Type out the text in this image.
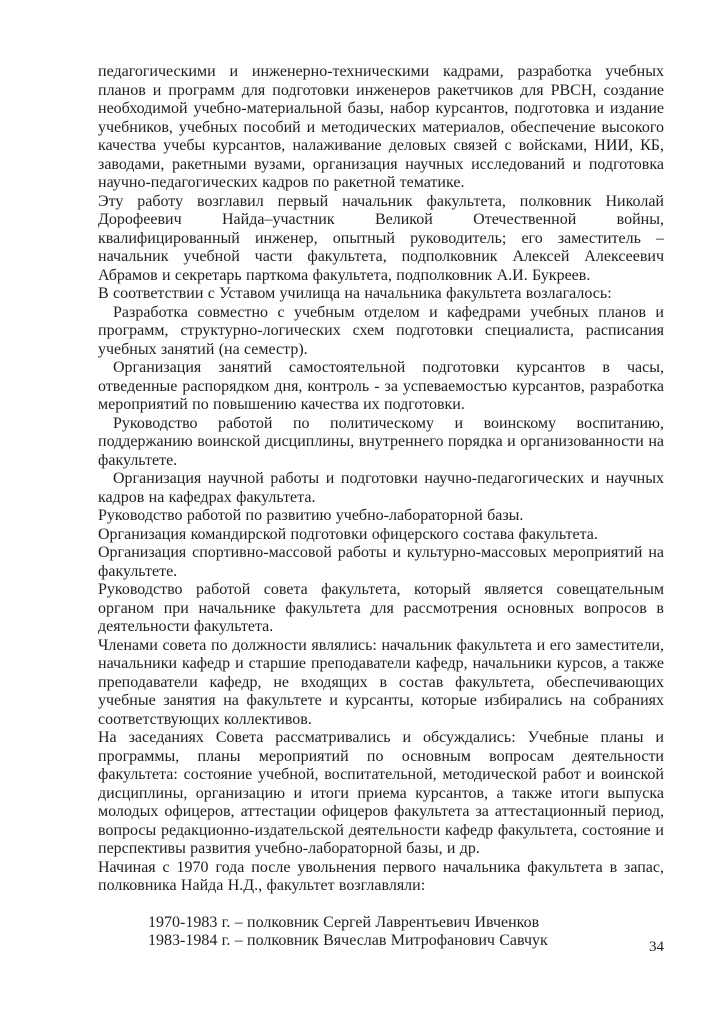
педагогическими и инженерно-техническими кадрами, разработка учебных планов и программ для подготовки инженеров ракетчиков для РВСН, создание необходимой учебно-материальной базы, набор курсантов, подготовка и издание учебников, учебных пособий и методических материалов, обеспечение высокого качества учебы курсантов, налаживание деловых связей с войсками, НИИ, КБ, заводами, ракетными вузами, организация научных исследований и подготовка научно-педагогических кадров по ракетной тематике.

Эту работу возглавил первый начальник факультета, полковник Николай Дорофеевич Найда–участник Великой Отечественной войны,

квалифицированный инженер, опытный руководитель; его заместитель – начальник учебной части факультета, подполковник Алексей Алексеевич Абрамов и секретарь парткома факультета, подполковник А.И. Букреев.

В соответствии с Уставом училища на начальника факультета возлагалось:

Разработка совместно с учебным отделом и кафедрами учебных планов и программ, структурно-логических схем подготовки специалиста, расписания учебных занятий (на семестр).

Организация занятий самостоятельной подготовки курсантов в часы, отведенные распорядком дня, контроль - за успеваемостью курсантов, разработка мероприятий по повышению качества их подготовки.

Руководство работой по политическому и воинскому воспитанию, поддержанию воинской дисциплины, внутреннего порядка и организованности на факультете.

Организация научной работы и подготовки научно-педагогических и научных кадров на кафедрах факультета.

Руководство работой по развитию учебно-лабораторной базы.

Организация командирской подготовки офицерского состава факультета.

Организация спортивно-массовой работы и культурно-массовых мероприятий на факультете.

Руководство работой совета факультета, который является совещательным органом при начальнике факультета для рассмотрения основных вопросов в деятельности факультета.

Членами совета по должности являлись: начальник факультета и его заместители, начальники кафедр и старшие преподаватели кафедр, начальники курсов, а также преподаватели кафедр, не входящих в состав факультета, обеспечивающих учебные занятия на факультете и курсанты, которые избирались на собраниях соответствующих коллективов.

На заседаниях Совета рассматривались и обсуждались: Учебные планы и программы, планы мероприятий по основным вопросам деятельности факультета: состояние учебной, воспитательной, методической работ и воинской дисциплины, организацию и итоги приема курсантов, а также итоги выпуска молодых офицеров, аттестации офицеров факультета за аттестационный период, вопросы редакционно-издательской деятельности кафедр факультета, состояние и перспективы развития учебно-лабораторной базы, и др.

Начиная с 1970 года после увольнения первого начальника факультета в запас, полковника Найда Н.Д., факультет возглавляли:

1970-1983 г. – полковник Сергей Лаврентьевич Ивченков

1983-1984 г. – полковник Вячеслав Митрофанович Савчук	34
